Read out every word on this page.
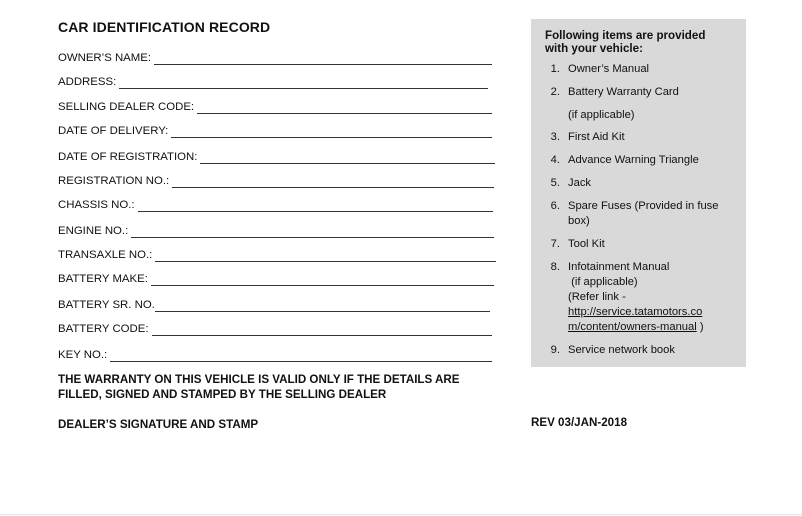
CAR IDENTIFICATION RECORD
OWNER’S NAME:
ADDRESS:
SELLING DEALER CODE:
DATE OF DELIVERY:
DATE OF REGISTRATION:
REGISTRATION NO.:
CHASSIS NO.:
ENGINE NO.:
TRANSAXLE NO.:
BATTERY MAKE:
BATTERY SR. NO.
BATTERY CODE:
KEY NO.:
THE WARRANTY ON THIS VEHICLE IS VALID ONLY IF THE DETAILS ARE
FILLED, SIGNED AND STAMPED BY THE SELLING DEALER
DEALER’S SIGNATURE AND STAMP	REV 03/JAN-2018
Following items are provided
with your vehicle:
1. Owner’s Manual
2. Battery Warranty Card
(if applicable)
3. First Aid Kit
4. Advance Warning Triangle
5. Jack
6. Spare Fuses (Provided in fuse box)
7. Tool Kit
8. Infotainment Manual
(if applicable)
(Refer link -
http://service.tatamotors.co
m/content/owners-manual )
9. Service network book
